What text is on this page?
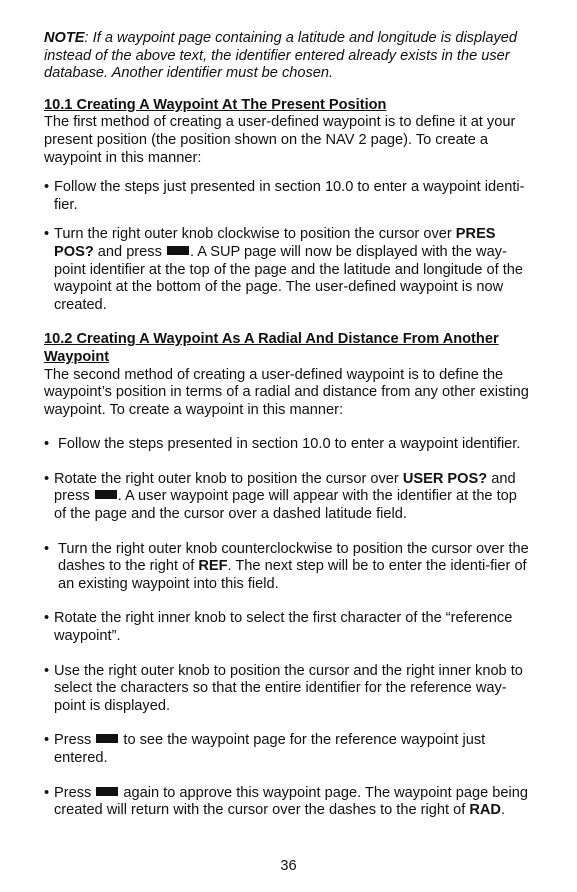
NOTE: If a waypoint page containing a latitude and longitude is displayed instead of the above text, the identifier entered already exists in the user database. Another identifier must be chosen.

10.1 Creating A Waypoint At The Present Position

The first method of creating a user-defined waypoint is to define it at your present position (the position shown on the NAV 2 page). To create a waypoint in this manner:

• Follow the steps just presented in section 10.0 to enter a waypoint identi-fier.

• Turn the right outer knob clockwise to position the cursor over PRES POS? and press . A SUP page will now be displayed with the way-point identifier at the top of the page and the latitude and longitude of the waypoint at the bottom of the page. The user-defined waypoint is now created.

10.2 Creating A Waypoint As A Radial And Distance From Another Waypoint

The second method of creating a user-defined waypoint is to define the waypoint’s position in terms of a radial and distance from any other existing waypoint. To create a waypoint in this manner:

• Follow the steps presented in section 10.0 to enter a waypoint identifier.

• Rotate the right outer knob to position the cursor over USER POS? and press . A user waypoint page will appear with the identifier at the top of the page and the cursor over a dashed latitude field.

• Turn the right outer knob counterclockwise to position the cursor over the dashes to the right of REF. The next step will be to enter the identi-fier of an existing waypoint into this field.

• Rotate the right inner knob to select the first character of the “reference waypoint”.

• Use the right outer knob to position the cursor and the right inner knob to select the characters so that the entire identifier for the reference way-point is displayed.

• Press  to see the waypoint page for the reference waypoint just entered.

• Press  again to approve this waypoint page. The waypoint page being created will return with the cursor over the dashes to the right of RAD.

36
